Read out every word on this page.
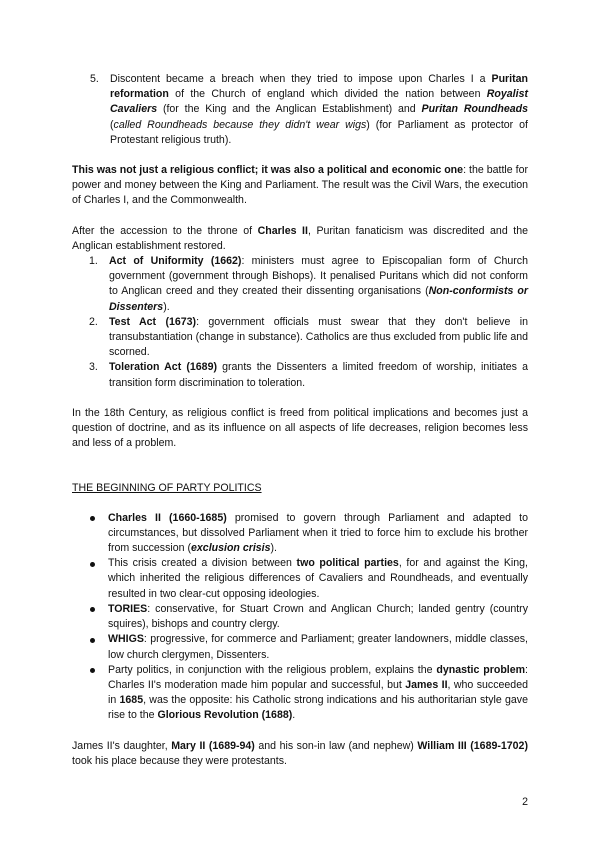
5. Discontent became a breach when they tried to impose upon Charles I a Puritan reformation of the Church of england which divided the nation between Royalist Cavaliers (for the King and the Anglican Establishment) and Puritan Roundheads (called Roundheads because they didn't wear wigs) (for Parliament as protector of Protestant religious truth).

This was not just a religious conflict; it was also a political and economic one: the battle for power and money between the King and Parliament. The result was the Civil Wars, the execution of Charles I, and the Commonwealth.

After the accession to the throne of Charles II, Puritan fanaticism was discredited and the Anglican establishment restored.

1. Act of Uniformity (1662): ministers must agree to Episcopalian form of Church government (government through Bishops). It penalised Puritans which did not conform to Anglican creed and they created their dissenting organisations (Non-conformists or Dissenters).
2. Test Act (1673): government officials must swear that they don't believe in transubstantiation (change in substance). Catholics are thus excluded from public life and scorned.
3. Toleration Act (1689) grants the Dissenters a limited freedom of worship, initiates a transition form discrimination to toleration.

In the 18th Century, as religious conflict is freed from political implications and becomes just a question of doctrine, and as its influence on all aspects of life decreases, religion becomes less and less of a problem.

THE BEGINNING OF PARTY POLITICS

Charles II (1660-1685) promised to govern through Parliament and adapted to circumstances, but dissolved Parliament when it tried to force him to exclude his brother from succession (exclusion crisis).
This crisis created a division between two political parties, for and against the King, which inherited the religious differences of Cavaliers and Roundheads, and eventually resulted in two clear-cut opposing ideologies.
TORIES: conservative, for Stuart Crown and Anglican Church; landed gentry (country squires), bishops and country clergy.
WHIGS: progressive, for commerce and Parliament; greater landowners, middle classes, low church clergymen, Dissenters.
Party politics, in conjunction with the religious problem, explains the dynastic problem: Charles II's moderation made him popular and successful, but James II, who succeeded in 1685, was the opposite: his Catholic strong indications and his authoritarian style gave rise to the Glorious Revolution (1688).

James II's daughter, Mary II (1689-94) and his son-in law (and nephew) William III (1689-1702) took his place because they were protestants.

2
